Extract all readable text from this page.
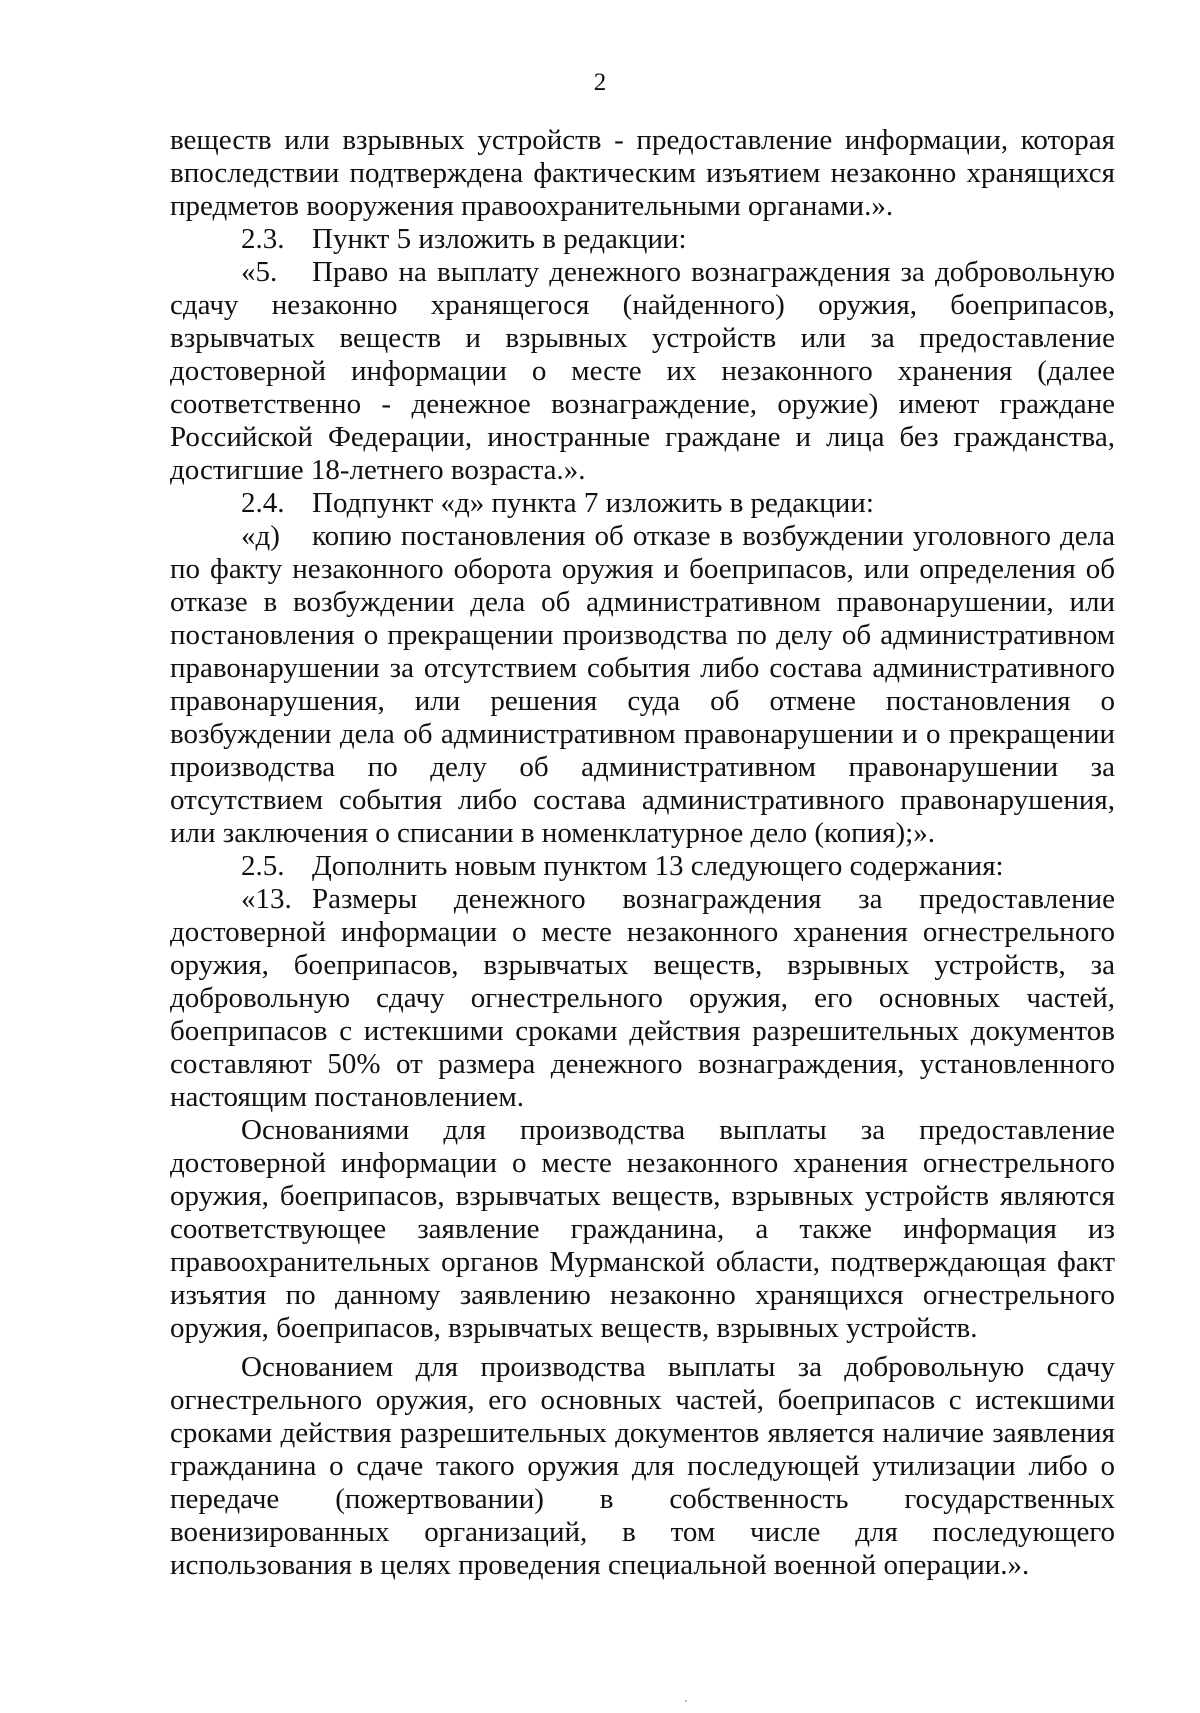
2

веществ или взрывных устройств - предоставление информации, которая впоследствии подтверждена фактическим изъятием незаконно хранящихся предметов вооружения правоохранительными органами.».

2.3. Пункт 5 изложить в редакции:

«5. Право на выплату денежного вознаграждения за добровольную сдачу незаконно хранящегося (найденного) оружия, боеприпасов, взрывчатых веществ и взрывных устройств или за предоставление достоверной информации о месте их незаконного хранения (далее соответственно - денежное вознаграждение, оружие) имеют граждане Российской Федерации, иностранные граждане и лица без гражданства, достигшие 18-летнего возраста.».

2.4. Подпункт «д» пункта 7 изложить в редакции:

«д) копию постановления об отказе в возбуждении уголовного дела по факту незаконного оборота оружия и боеприпасов, или определения об отказе в возбуждении дела об административном правонарушении, или постановления о прекращении производства по делу об административном правонарушении за отсутствием события либо состава административного правонарушения, или решения суда об отмене постановления о возбуждении дела об административном правонарушении и о прекращении производства по делу об административном правонарушении за отсутствием события либо состава административного правонарушения, или заключения о списании в номенклатурное дело (копия);».

2.5. Дополнить новым пунктом 13 следующего содержания:

«13. Размеры денежного вознаграждения за предоставление достоверной информации о месте незаконного хранения огнестрельного оружия, боеприпасов, взрывчатых веществ, взрывных устройств, за добровольную сдачу огнестрельного оружия, его основных частей, боеприпасов с истекшими сроками действия разрешительных документов составляют 50% от размера денежного вознаграждения, установленного настоящим постановлением.

Основаниями для производства выплаты за предоставление достоверной информации о месте незаконного хранения огнестрельного оружия, боеприпасов, взрывчатых веществ, взрывных устройств являются соответствующее заявление гражданина, а также информация из правоохранительных органов Мурманской области, подтверждающая факт изъятия по данному заявлению незаконно хранящихся огнестрельного оружия, боеприпасов, взрывчатых веществ, взрывных устройств.

Основанием для производства выплаты за добровольную сдачу огнестрельного оружия, его основных частей, боеприпасов с истекшими сроками действия разрешительных документов является наличие заявления гражданина о сдаче такого оружия для последующей утилизации либо о передаче (пожертвовании) в собственность государственных военизированных организаций, в том числе для последующего использования в целях проведения специальной военной операции.».
